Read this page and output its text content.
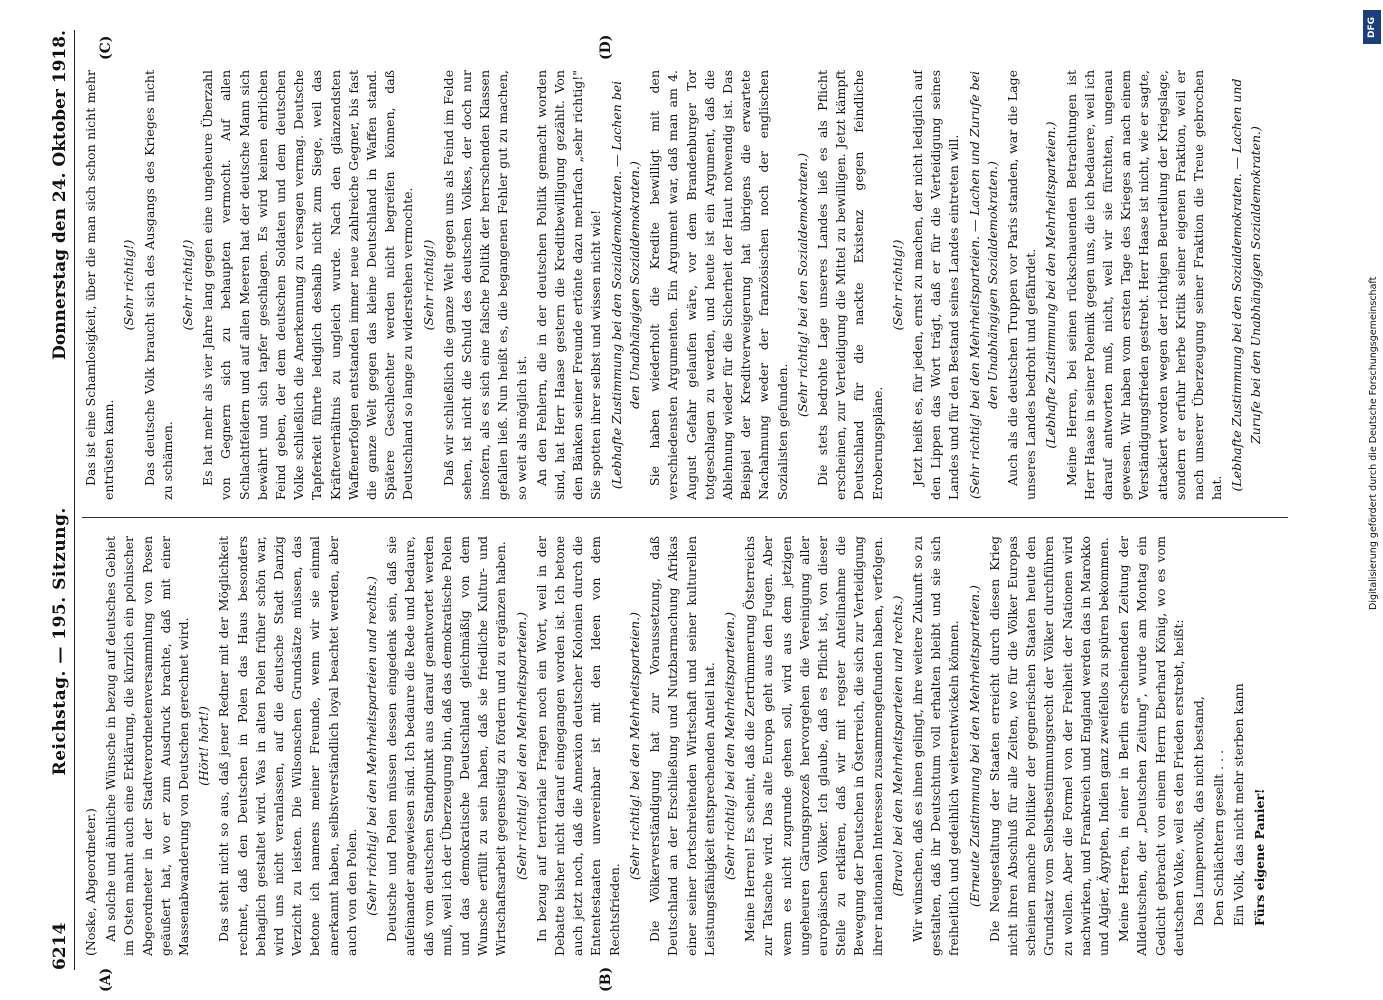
6214
Reichstag. — 195. Sitzung.
Donnerstag den 24. Oktober 1918.
(A)	(B)
(C)	(D)

(Noske, Abgeordneter.) An solche und ähnliche Wünsche in bezug auf deutsches Gebiet im Osten mahnt auch eine Erklärung, die kürzlich ein polnischer Abgeordneter in der Stadtverordnetenversammlung von Posen geäußert hat, wo er zum Ausdruck brachte, daß mit einer Massenabwanderung von Deutschen gerechnet wird. (Hört! hört!) Das steht nicht so aus, daß jener Redner mit der Möglichkeit rechnet, daß den Deutschen in Polen das Haus besonders behaglich gestaltet wird. Was in alten Polen früher schön war, wird uns nicht veranlassen, auf die deutsche Stadt Danzig Verzicht zu leisten. Die Wilsonschen Grundsätze müssen, das betone ich namens meiner Freunde, wenn wir sie einmal anerkannt haben, selbstverständlich loyal beachtet werden, aber auch von den Polen. (Sehr richtig! bei den Mehrheitsparteien und rechts.) Deutsche und Polen müssen dessen eingedenk sein, daß sie aufeinander angewiesen sind. Ich bedaure die Rede und bedaure, daß vom deutschen Standpunkt aus darauf geantwortet werden muß, weil ich der Überzeugung bin, daß das demokratische Polen und das demokratische Deutschland gleichmäßig von dem Wunsche erfüllt zu sein haben, daß sie friedliche Kultur- und Wirtschaftsarbeit gegenseitig zu fördern und zu ergänzen haben. (Sehr richtig! bei den Mehrheitsparteien.) In bezug auf territoriale Fragen noch ein Wort, weil in der Debatte bisher nicht darauf eingegangen worden ist. Ich betone auch jetzt noch, daß die Annexion deutscher Kolonien durch die Ententestaaten unvereinbar ist mit den Ideen von dem Rechtsfrieden.

(Sehr richtig! bei den Mehrheitsparteien.) Die Völkerverständigung hat zur Voraussetzung, daß Deutschland an der Erschließung und Nutzbarmachung Afrikas einer seiner fortschreitenden Wirtschaft und seiner kulturellen Leistungsfähigkeit entsprechenden Anteil hat. (Sehr richtig! bei den Mehrheitsparteien.) Meine Herren! Es scheint, daß die Zertrümmerung Österreichs zur Tatsache wird. Das alte Europa geht aus den Fugen. Aber wenn es nicht zugrunde gehen soll, wird aus dem jetzigen ungeheuren Gärungsprozeß hervorgehen die Vereinigung aller europäischen Völker. Ich glaube, daß es Pflicht ist, von dieser Stelle zu erklären, daß wir mit regster Anteilnahme die Bewegung der Deutschen in Österreich, die sich zur Verteidigung ihrer nationalen Interessen zusammengefunden haben, verfolgen. (Bravo! bei den Mehrheitsparteien und rechts.) Wir wünschen, daß es ihnen gelingt, ihre weitere Zukunft so zu gestalten, daß ihr Deutschtum voll erhalten bleibt und sie sich freiheitlich und gedeihlich weiterentwickeln können. (Erneute Zustimmung bei den Mehrheitsparteien.) Die Neugestaltung der Staaten erreicht durch diesen Krieg nicht ihren Abschluß für alle Zeiten, wo für die Völker Europas scheinen manche Politiker der gegnerischen Staaten heute den Grundsatz vom Selbstbestimmungsrecht der Völker durchführen zu wollen. Aber die Formel von der Freiheit der Nationen wird nachwirken, und Frankreich und England werden das in Marokko und Algier, Ägypten, Indien ganz zweifellos zu spüren bekommen. Meine Herren, in einer in Berlin erscheinenden Zeitung der Alldeutschen, der „Deutschen Zeitung", wurde am Montag ein Gedicht gebracht von einem Herrn Eberhard König, wo es vom deutschen Volke, weil es den Frieden erstrebt, heißt: Das Lumpenvolk, das nicht bestand, Den Schlächtern gesellt . . . Ein Volk, das nicht mehr sterben kann Fürs eigene Panier!

Das ist eine Schamlosigkeit, über die man sich schon nicht mehr entrüsten kann.

(Sehr richtig!) Das deutsche Volk braucht sich des Ausgangs des Krieges nicht zu schämen.

(Sehr richtig!) Es hat mehr als vier Jahre lang gegen eine ungeheure Überzahl von Gegnern sich zu behaupten vermocht. Auf allen Schlachtfeldern und auf allen Meeren hat der deutsche Mann sich bewährt und sich tapfer geschlagen. Es wird keinen ehrlichen Feind geben, der dem deutschen Soldaten und dem deutschen Volke schließlich die Anerkennung zu versagen vermag. Deutsche Tapferkeit führte lediglich deshalb nicht zum Siege, weil das Kräfteverhältnis zu ungleich wurde. Nach den glänzendsten Waffenerfolgen entstanden immer neue zahlreiche Gegner, bis fast die ganze Welt gegen das kleine Deutschland in Waffen stand. Spätere Geschlechter werden nicht begreifen können, daß Deutschland so lange zu widerstehen vermochte. (Sehr richtig!) Daß wir schließlich die ganze Welt gegen uns als Feind im Felde sehen, ist nicht die Schuld des deutschen Volkes, der doch nur insofern, als es sich eine falsche Politik der herrschenden Klassen gefallen ließ. Nun heißt es, die begangenen Fehler gut zu machen, so weit als möglich ist. An den Fehlern, die in der deutschen Politik gemacht worden sind, hat Herr Haase gestern die Kreditbewilligung gezählt. Von den Bänken seiner Freunde ertönte dazu mehrfach „sehr richtig!" Sie spotten ihrer selbst und wissen nicht wie! (Lebhafte Zustimmung bei den Sozialdemokraten. — Lachen bei den Unabhängigen Sozialdemokraten.) Sie haben wiederholt die Kredite bewilligt mit den verschiedensten Argumenten. Ein Argument war, daß man am 4. August Gefahr gelaufen wäre, vor dem Brandenburger Tor totgeschlagen zu werden, und heute ist ein Argument, daß die Ablehnung wieder für die Sicherheit der Haut notwendig ist. Das Beispiel der Kreditverweigerung hat übrigens die erwartete Nachahmung weder der französischen noch der englischen Sozialisten gefunden.

(Sehr richtig! bei den Sozialdemokraten.) Die stets bedrohte Lage unseres Landes ließ es als Pflicht erscheinen, zur Verteidigung die Mittel zu bewilligen. Jetzt kämpft Deutschland für die nackte Existenz gegen feindliche Eroberungspläne.

(Sehr richtig!) Jetzt heißt es, für jeden, ernst zu machen, der nicht lediglich auf den Lippen das Wort trägt, daß er für die Verteidigung seines Landes und für den Bestand seines Landes eintreten will. (Sehr richtig! bei den Mehrheitsparteien. — Lachen und Zurufe bei den Unabhängigen Sozialdemokraten.) Auch als die deutschen Truppen vor Paris standen, war die Lage unseres Landes bedroht und gefährdet. (Lebhafte Zustimmung bei den Mehrheitsparteien.) Meine Herren, bei seinen rückschauenden Betrachtungen ist Herr Haase in seiner Polemik gegen uns, die ich bedauere, weil ich darauf antworten muß, nicht, weil wir sie fürchten, ungenau gewesen. Wir haben vom ersten Tage des Krieges an nach einem Verständigungsfrieden gestrebt. Herr Haase ist nicht, wie er sagte, attackiert worden wegen der richtigen Beurteilung der Kriegslage, sondern er erfuhr herbe Kritik seiner eigenen Fraktion, weil er nach unserer Überzeugung seiner Fraktion die Treue gebrochen hat. (Lebhafte Zustimmung bei den Sozialdemokraten. — Lachen und Zurufe bei den Unabhängigen Sozialdemokraten.)

DFG
Digitalisierung gefördert durch die Deutsche Forschungsgemeinschaft
